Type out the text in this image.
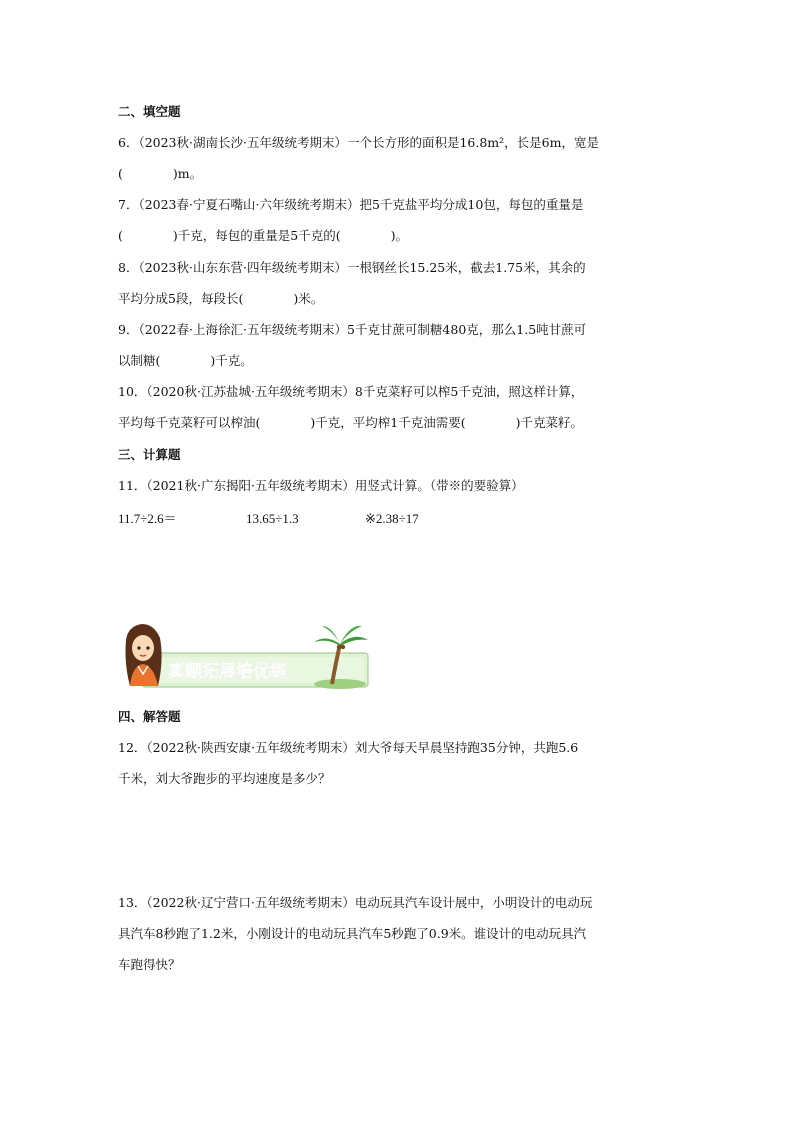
二、填空题
6．（2023秋·湖南长沙·五年级统考期末）一个长方形的面积是16.8m²，长是6m，宽是
(　　　　)m。
7．（2023春·宁夏石嘴山·六年级统考期末）把5千克盐平均分成10包，每包的重量是
(　　　　)千克，每包的重量是5千克的(　　　　)。
8．（2023秋·山东东营·四年级统考期末）一根钢丝长15.25米，截去1.75米，其余的
平均分成5段，每段长(　　　　)米。
9．（2022春·上海徐汇·五年级统考期末）5千克甘蔗可制糖480克，那么1.5吨甘蔗可
以制糖(　　　　)千克。
10．（2020秋·江苏盐城·五年级统考期末）8千克菜籽可以榨5千克油，照这样计算，
平均每千克菜籽可以榨油(　　　　)千克，平均榨1千克油需要(　　　　)千克菜籽。
三、计算题
11．（2021秋·广东揭阳·五年级统考期末）用竖式计算。（带※的要验算）
11.7÷2.6＝	13.65÷1.3	※2.38÷17
真题拓展培优练
四、解答题
12．（2022秋·陕西安康·五年级统考期末）刘大爷每天早晨坚持跑35分钟，共跑5.6
千米，刘大爷跑步的平均速度是多少？
13．（2022秋·辽宁营口·五年级统考期末）电动玩具汽车设计展中，小明设计的电动玩
具汽车8秒跑了1.2米，小刚设计的电动玩具汽车5秒跑了0.9米。谁设计的电动玩具汽
车跑得快？
